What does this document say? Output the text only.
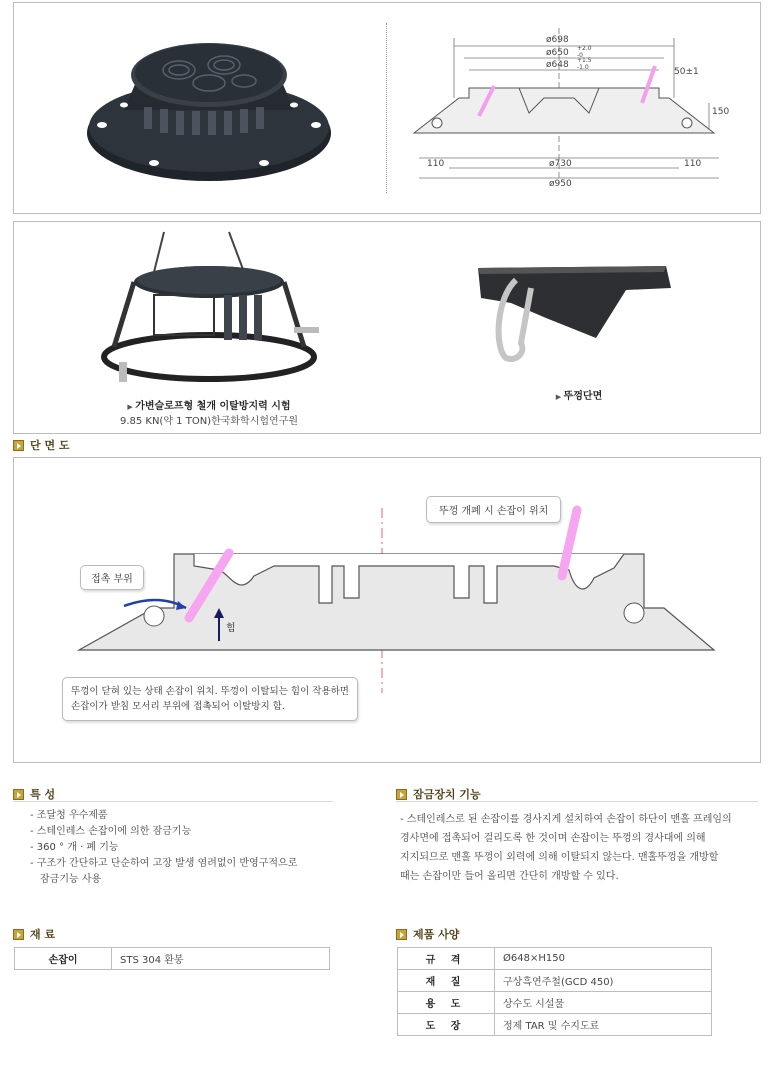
ø698
ø650 +2.0
-0
ø648 +1.5
-1.0	50±1
150
110	ø730	110
ø950
▶ 가변슬로프형 철개 이탈방지력 시험
9.85 KN(약 1 TON)한국화학시험연구원
▶ 뚜껑단면
단 면 도
힘
뚜껑 개폐 시 손잡이 위치
접촉 부위
뚜껑이 닫혀 있는 상태 손잡이 위치. 뚜껑이 이탈되는 힘이 작용하면
손잡이가 받침 모서리 부위에 접촉되어 이탈방지 함.
특 성
- 조달청 우수제품
- 스테인레스 손잡이에 의한 잠금기능
- 360 ° 개 · 폐 기능
- 구조가 간단하고 단순하여 고장 발생 염려없이 반영구적으로
잠금기능 사용
잠금장치 기능
- 스테인레스로 된 손잡이를 경사지게 설치하여 손잡이 하단이 맨홀 프레임의
경사면에 접촉되어 걸리도록 한 것이며 손잡이는 뚜껑의 경사대에 의해
지지되므로 맨홀 뚜껑이 외력에 의해 이탈되지 않는다. 맨홀뚜껑을 개방할
때는 손잡이만 들어 올리면 간단히 개방할 수 있다.
재 료
손잡이	STS 304 환봉
제품 사양
규 격	Ø648×H150
재 질	구상흑연주철(GCD 450)
용 도	상수도 시설물
도 장	정제 TAR 및 수지도료
